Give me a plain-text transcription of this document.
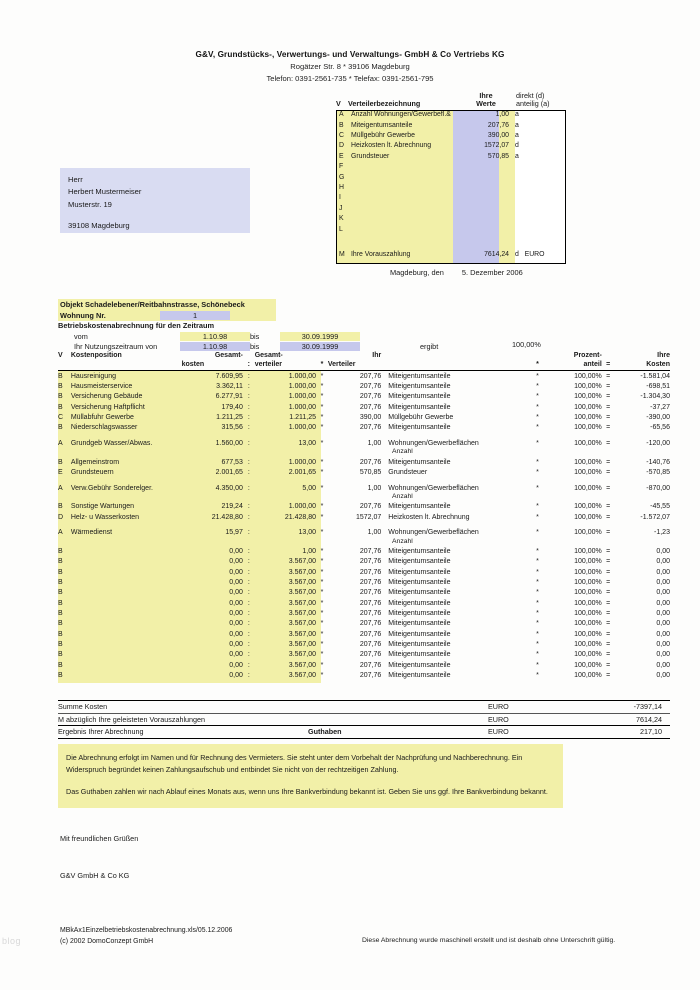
G&V, Grundstücks-, Verwertungs- und Verwaltungs- GmbH & Co Vertriebs KG
Rogätzer Str. 8 * 39106 Magdeburg
Telefon: 0391-2561-735 * Telefax: 0391-2561-795
V	Verteilerbezeichnung
Ihre
Werte
direkt (d)
anteilig (a)
A	Anzahl Wohnungen/Gewerbefl.&	1,00 a
B	Miteigentumsanteile	207,76 a
C	Müllgebühr Gewerbe	390,00 a
D	Heizkosten lt. Abrechnung	1572,07 d
E	Grundsteuer	570,85 a
F
G
H
I
J
K
L
M Ihre Vorauszahlung	7614,24 d EURO
Magdeburg, den 5. Dezember 2006
Herr
Herbert Mustermeiser
Musterstr. 19
39108 Magdeburg
Objekt Schadelebener/Reitbahnstrasse, Schönebeck
Wohnung Nr.	1
Betriebskostenabrechnung für den Zeitraum
vom	1.10.98	bis	30.09.1999
Ihr Nutzungszeitraum von	1.10.98	bis	30.09.1999	ergibt	100,00%
V	Kostenposition	Gesamt-
kosten
	:
Gesamt-
verteiler
	*
Ihr
Verteiler
	*
Prozent-
anteil
=
Ihre
Kosten
B	Hausreinigung	7.609,95 :	1.000,00 *	207,76	Miteigentumsanteile	*	100,00% =	-1.581,04
B	Hausmeisterservice	3.362,11 :	1.000,00 *	207,76	Miteigentumsanteile	*	100,00% =	-698,51
B	Versicherung Gebäude	6.277,91 :	1.000,00 *	207,76	Miteigentumsanteile	*	100,00% =	-1.304,30
B	Versicherung Haftpflicht	179,40 :	1.000,00 *	207,76	Miteigentumsanteile	*	100,00% =	-37,27
C	Müllabfuhr Gewerbe	1.211,25 :	1.211,25 *	390,00	Müllgebühr Gewerbe	*	100,00% =	-390,00
B	Niederschlagswasser	315,56 :	1.000,00 *	207,76	Miteigentumsanteile	*	100,00% =	-65,56
A	Grundgeb Wasser/Abwas.	1.560,00 :	13,00 *	1,00	Wohnungen/Gewerbeflächen	*	100,00% =	-120,00
Anzahl
B	Allgemeinstrom	677,53 :	1.000,00 *	207,76	Miteigentumsanteile	*	100,00% =	-140,76
E	Grundsteuern	2.001,65 :	2.001,65 *	570,85	Grundsteuer	*	100,00% =	-570,85
A	Verw.Gebühr Sonderelger.	4.350,00 :	5,00 *	1,00	Wohnungen/Gewerbeflächen	*	100,00% =	-870,00
Anzahl
B	Sonstige Wartungen	219,24 :	1.000,00 *	207,76	Miteigentumsanteile	*	100,00% =	-45,55
D	Helz- u Wasserkosten	21.428,80 :	21.428,80 *	1572,07	Heizkosten lt. Abrechnung	*	100,00% =	-1.572,07
A	Wärmedienst	15,97 :	13,00 *	1,00	Wohnungen/Gewerbeflächen	*	100,00% =	-1,23
Anzahl
B	0,00 :	1,00 *	207,76	Miteigentumsanteile	*	100,00% =	0,00
B	0,00 :	3.567,00 *	207,76	Miteigentumsanteile	*	100,00% =	0,00
B	0,00 :	3.567,00 *	207,76	Miteigentumsanteile	*	100,00% =	0,00
B	0,00 :	3.567,00 *	207,76	Miteigentumsanteile	*	100,00% =	0,00
B	0,00 :	3.567,00 *	207,76	Miteigentumsanteile	*	100,00% =	0,00
B	0,00 :	3.567,00 *	207,76	Miteigentumsanteile	*	100,00% =	0,00
B	0,00 :	3.567,00 *	207,76	Miteigentumsanteile	*	100,00% =	0,00
B	0,00 :	3.567,00 *	207,76	Miteigentumsanteile	*	100,00% =	0,00
B	0,00 :	3.567,00 *	207,76	Miteigentumsanteile	*	100,00% =	0,00
B	0,00 :	3.567,00 *	207,76	Miteigentumsanteile	*	100,00% =	0,00
B	0,00 :	3.567,00 *	207,76	Miteigentumsanteile	*	100,00% =	0,00
B	0,00 :	3.567,00 *	207,76	Miteigentumsanteile	*	100,00% =	0,00
B	0,00 :	3.567,00 *	207,76	Miteigentumsanteile	*	100,00% =	0,00
Summe Kosten	EURO	-7397,14
M abzüglich Ihre geleisteten Vorauszahlungen	EURO	7614,24
Ergebnis Ihrer Abrechnung	Guthaben	EURO	217,10

Die Abrechnung erfolgt im Namen und für Rechnung des Vermieters. Sie steht unter dem Vorbehalt der Nachprüfung und Nachberechnung. Ein Widerspruch begründet keinen Zahlungsaufschub und entbindet Sie nicht von der rechtzeitigen Zahlung.

Das Guthaben zahlen wir nach Ablauf eines Monats aus, wenn uns Ihre Bankverbindung bekannt ist. Geben Sie uns ggf. Ihre Bankverbindung bekannt.

Mit freundlichen Grüßen
G&V GmbH & Co KG
MBkAx1Einzelbetriebskostenabrechnung.xls/05.12.2006
(c) 2002 DomoConzept GmbH	Diese Abrechnung wurde maschinell erstellt und ist deshalb ohne Unterschrift gültig.
blog
